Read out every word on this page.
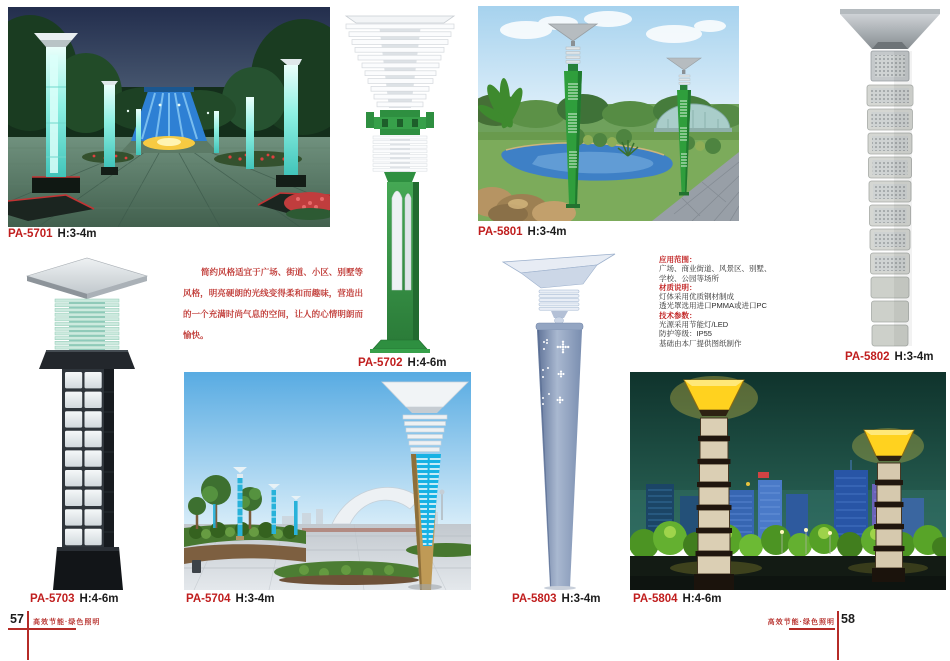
简约风格适宜于广场、街道、小区、别墅等风格，明亮硬朗的光线变得柔和而趣味，营造出的一个充满时尚气息的空间，让人的心情明朗而愉快。
应用范围：
广场、商业街道、风景区、别墅、
学校、公园等场所
材质说明：
灯体采用优质钢材制成
透光罩选用进口PMMA或进口PC
技术参数：
光源采用节能灯/LED
防护等级：IP55
基础由本厂提供图纸制作
PA-5701 H:3-4m
PA-5702 H:4-6m
PA-5801 H:3-4m
PA-5802 H:3-4m
PA-5703 H:4-6m	PA-5704 H:3-4m	PA-5803 H:3-4m	PA-5804 H:4-6m
57 高效节能·绿色照明	高效节能·绿色照明 58
